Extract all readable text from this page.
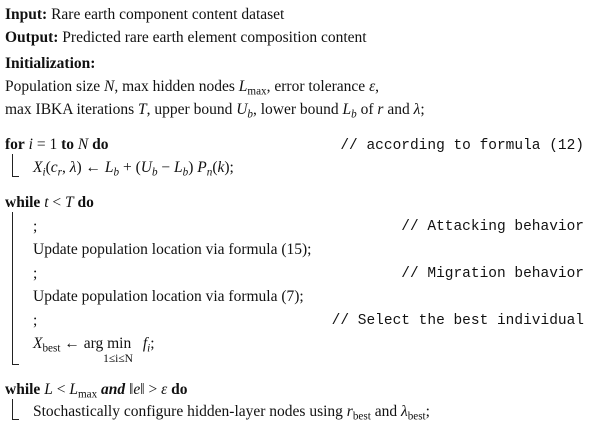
Input: Rare earth component content dataset
Output: Predicted rare earth element composition content
Initialization:
Population size N, max hidden nodes $L_{max}$, error tolerance ε,
max IBKA iterations T, upper bound $U_b$, lower bound $L_b$ of r and λ;
for i = 1 to N do	// according to formula (12)
$X_i(c_r$, λ) ← $L_b + (U_b - L_b)$ $P_n(k)$;
while t < T do
;	// Attacking behavior
Update population location via formula (15);
;	// Migration behavior
Update population location via formula (7);
;	// Select the best individual
$X_{best}$ ← arg min
1≤i≤N
$f_i$;
while $L < L_{max}$ and ‖e‖ > ε do
Stochastically configure hidden-layer nodes using $r_{best}$ and $\lambda_{best}$;
